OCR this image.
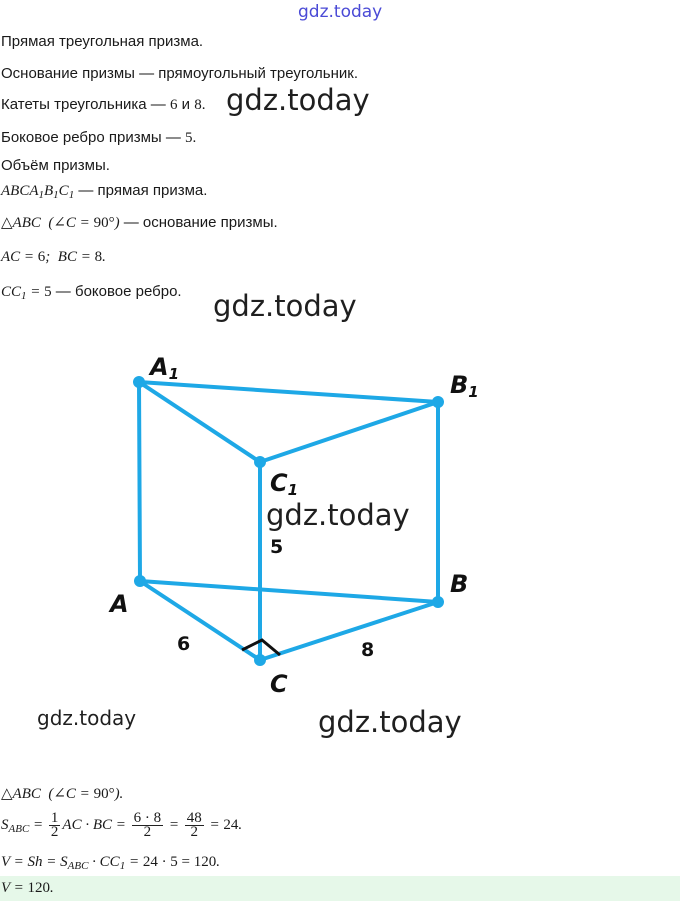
gdz.today
Прямая треугольная призма.
Основание призмы — прямоугольный треугольник.
Катеты треугольника — 6 и 8. gdz.today
Боковое ребро призмы — 5.
Объём призмы.
$ABCA_1B_1C_1$ — прямая призма.
△ABC  (∠C = 90°) — основание призмы.
AC = 6;  BC = 8.
$CC_1 = 5$ — боковое ребро. gdz.today
A1	B1
C1
A
B
C
6	8
5
gdz.today
gdz.today	gdz.today
△ABC  (∠C = 90°).
$S_{ABC} = \frac{1}{2}$ AC · BC = $\frac{6 \cdot 8}{2} = \frac{48}{2} = 24$.
$V = Sh = S_{ABC} \cdot CC_1 = 24 \cdot 5 = 120$.
V = 120.
